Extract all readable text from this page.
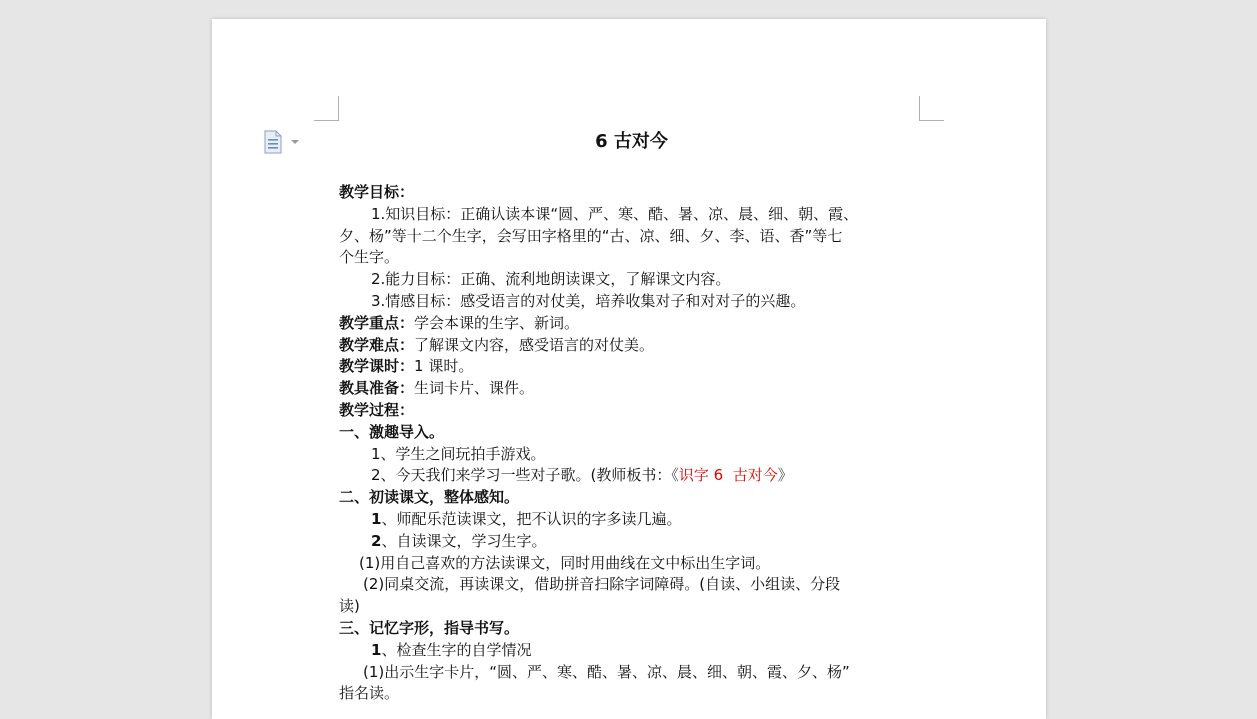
6 古对今
教学目标：
1.知识目标：正确认读本课“圆、严、寒、酷、暑、凉、晨、细、朝、霞、
夕、杨”等十二个生字，会写田字格里的“古、凉、细、夕、李、语、香”等七
个生字。
2.能力目标：正确、流利地朗读课文，了解课文内容。
3.情感目标：感受语言的对仗美，培养收集对子和对对子的兴趣。
教学重点：学会本课的生字、新词。
教学难点：了解课文内容，感受语言的对仗美。
教学课时：1 课时。
教具准备：生词卡片、课件。
教学过程：
一、激趣导入。
1、学生之间玩拍手游戏。
2、今天我们来学习一些对子歌。(教师板书：《识字 6  古对今》
二、初读课文，整体感知。
1、师配乐范读课文，把不认识的字多读几遍。
2、自读课文，学习生字。
(1)用自己喜欢的方法读课文，同时用曲线在文中标出生字词。
(2)同桌交流，再读课文，借助拼音扫除字词障碍。(自读、小组读、分段
读)
三、记忆字形，指导书写。
1、检查生字的自学情况
(1)出示生字卡片，“圆、严、寒、酷、暑、凉、晨、细、朝、霞、夕、杨”
指名读。
